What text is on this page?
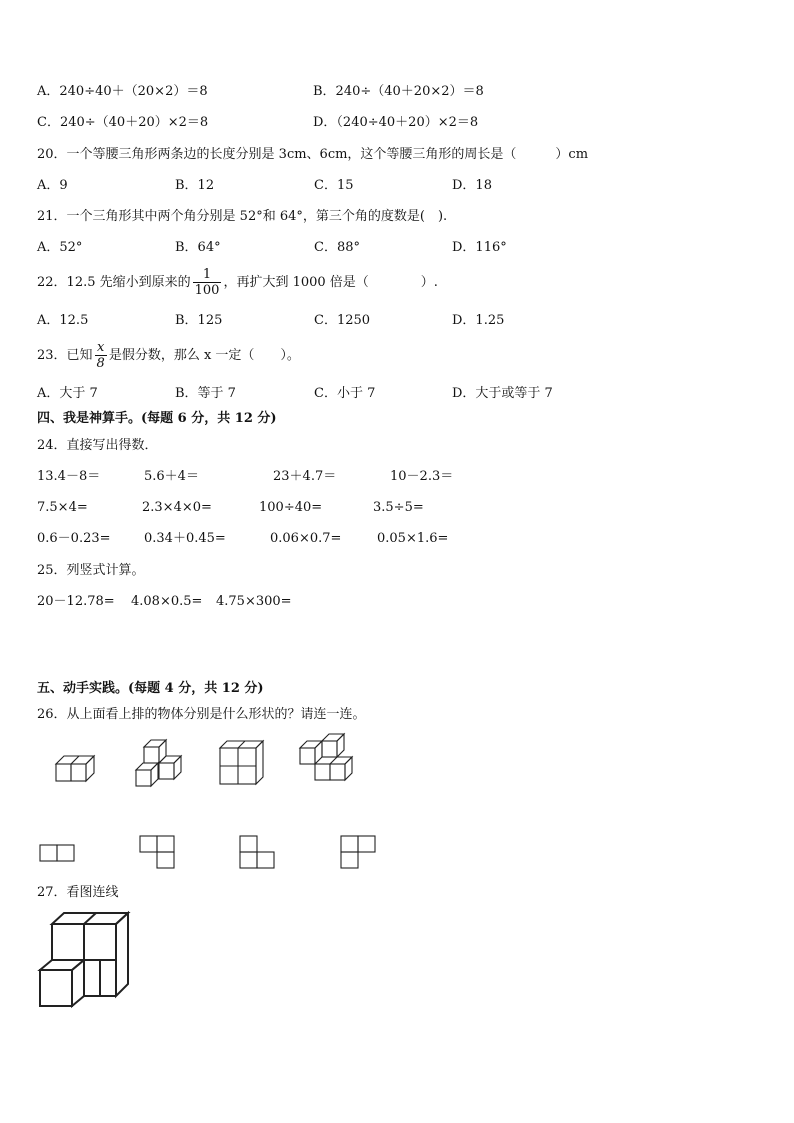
A．240÷40＋（20×2）＝8	B．240÷（40＋20×2）＝8
C．240÷（40＋20）×2＝8	D．（240÷40＋20）×2＝8
20．一个等腰三角形两条边的长度分别是 3cm、6cm，这个等腰三角形的周长是（　　　）cm
A．9	B．12	C．15	D．18
21．一个三角形其中两个角分别是 52°和 64°，第三个角的度数是(　).
A．52°	B．64°	C．88°	D．116°
22．12.5 先缩小到原来的 $\frac{1}{100}$ ，再扩大到 1000 倍是（　　　　）.
A．12.5	B．125	C．1250	D．1.25
23．已知 $\frac{x}{8}$ 是假分数，那么 x 一定（　　）。
A．大于 7	B．等于 7	C．小于 7	D．大于或等于 7
四、我是神算手。(每题 6 分，共 12 分)
24．直接写出得数．
13.4－8＝	5.6＋4＝	23＋4.7＝	10－2.3＝
7.5×4=	2.3×4×0=	100÷40=	3.5÷5=
0.6－0.23=	0.34＋0.45=	0.06×0.7=	0.05×1.6=
25．列竖式计算。
20－12.78= 4.08×0.5= 4.75×300=
五、动手实践。(每题 4 分，共 12 分)
26．从上面看上排的物体分别是什么形状的？请连一连。
27．看图连线
